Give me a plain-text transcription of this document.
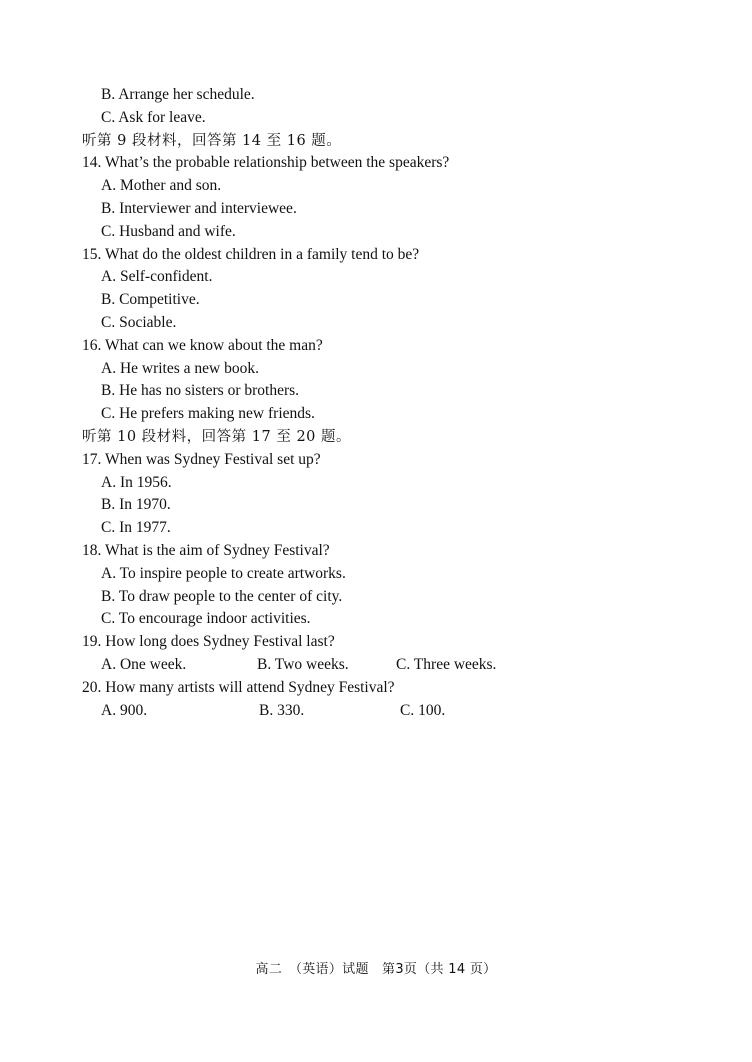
B. Arrange her schedule.
C. Ask for leave.
听第 9 段材料，回答第 14 至 16 题。
14. What’s the probable relationship between the speakers?
A. Mother and son.
B. Interviewer and interviewee.
C. Husband and wife.
15. What do the oldest children in a family tend to be?
A. Self-confident.
B. Competitive.
C. Sociable.
16. What can we know about the man?
A. He writes a new book.
B. He has no sisters or brothers.
C. He prefers making new friends.
听第 10 段材料，回答第 17 至 20 题。
17. When was Sydney Festival set up?
A. In 1956.
B. In 1970.
C. In 1977.
18. What is the aim of Sydney Festival?
A. To inspire people to create artworks.
B. To draw people to the center of city.
C. To encourage indoor activities.
19. How long does Sydney Festival last?
A. One week.	B. Two weeks.	C. Three weeks.
20. How many artists will attend Sydney Festival?
A. 900.	B. 330.	C. 100.
高二　（英语）试题　第3页（共 14 页）
